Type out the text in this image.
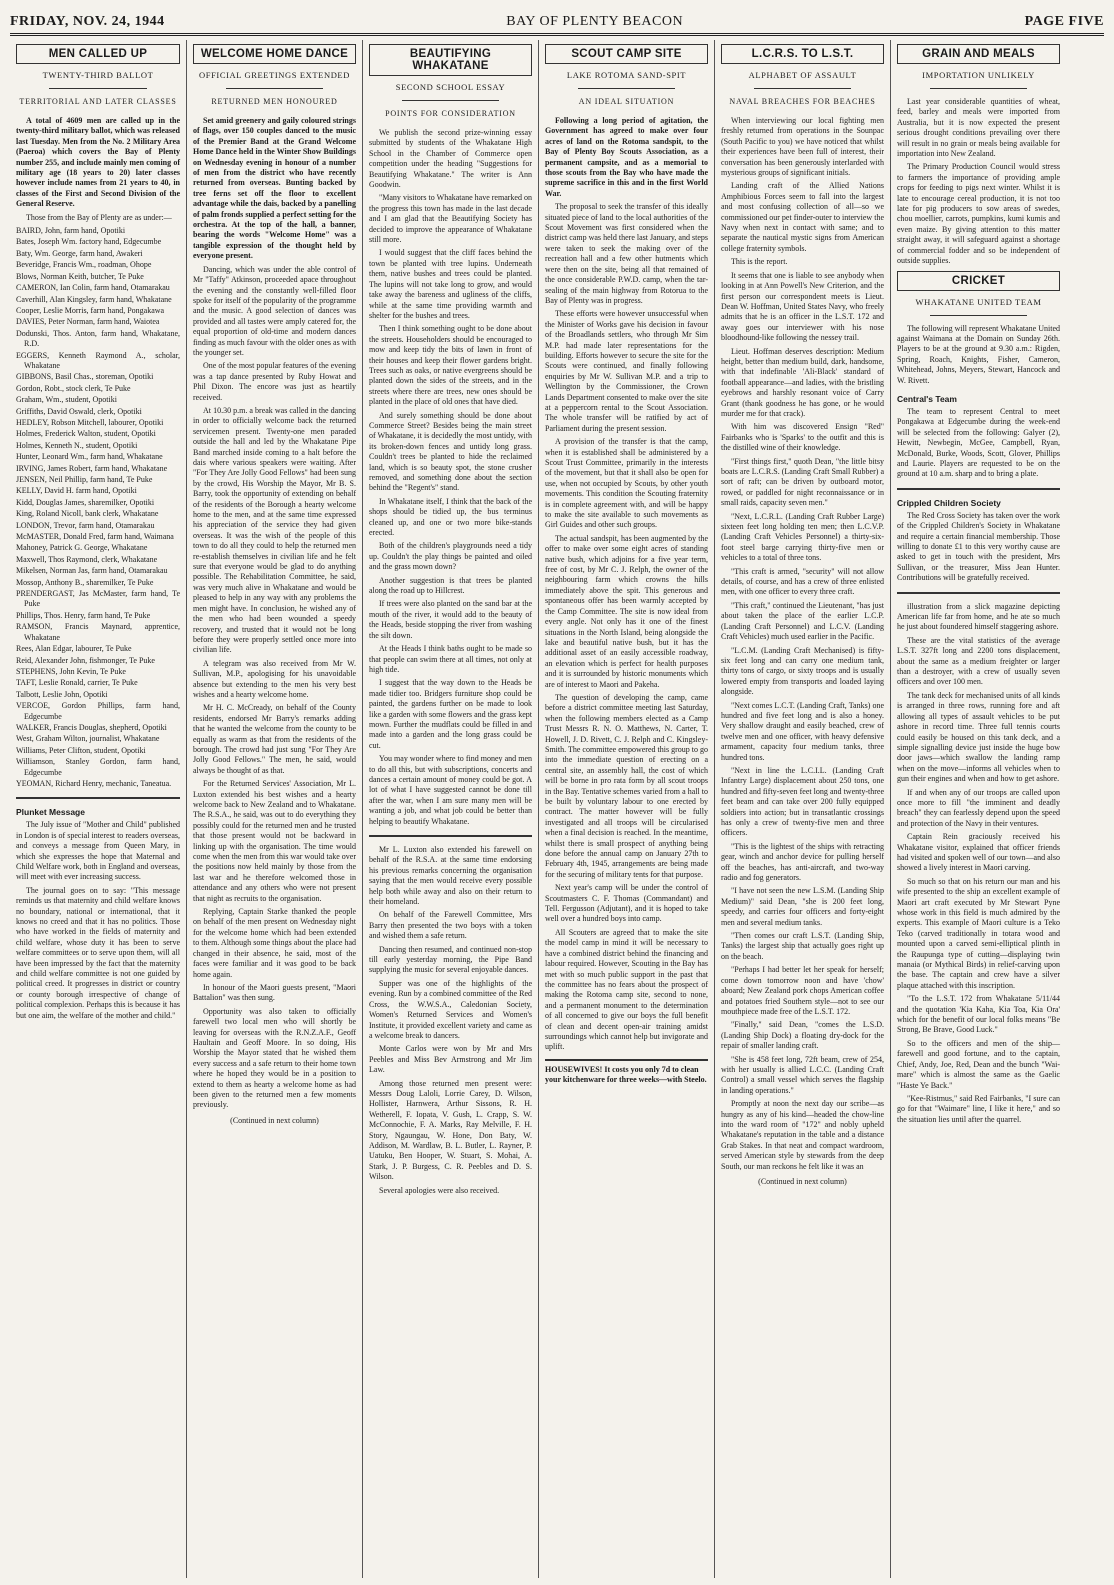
FRIDAY, NOV. 24, 1944	BAY OF PLENTY BEACON	PAGE FIVE
MEN CALLED UP
TWENTY-THIRD BALLOT
TERRITORIAL AND LATER CLASSES

A total of 4609 men are called up in the twenty-third military ballot, which was released last Tuesday. Men from the No. 2 Military Area (Paeroa) which covers the Bay of Plenty number 255, and include mainly men coming of military age (18 years to 20) later classes however include names from 21 years to 40, in classes of the First and Second Division of the General Reserve.

Those from the Bay of Plenty are as under:—

BAIRD, John, farm hand, Opotiki

Bates, Joseph Wm. factory hand, Edgecumbe

Baty, Wm. George, farm hand, Awakeri

Beveridge, Francis Wm., roadman, Ohope

Blows, Norman Keith, butcher, Te Puke

CAMERON, Ian Colin, farm hand, Otamarakau

Caverhill, Alan Kingsley, farm hand, Whakatane

Cooper, Leslie Morris, farm hand, Pongakawa

DAVIES, Peter Norman, farm hand, Waiotea

Dodunski, Thos. Anton, farm hand, Whakatane, R.D.

EGGERS, Kenneth Raymond A., scholar, Whakatane

GIBBONS, Basil Chas., storeman, Opotiki

Gordon, Robt., stock clerk, Te Puke

Graham, Wm., student, Opotiki

Griffiths, David Oswald, clerk, Opotiki

HEDLEY, Robson Mitchell, labourer, Opotiki

Holmes, Frederick Walton, student, Opotiki

Holmes, Kenneth N., student, Opotiki

Hunter, Leonard Wm., farm hand, Whakatane

IRVING, James Robert, farm hand, Whakatane

JENSEN, Neil Phillip, farm hand, Te Puke

KELLY, David H. farm hand, Opotiki

Kidd, Douglas James, sharemilker, Opotiki

King, Roland Nicoll, bank clerk, Whakatane

LONDON, Trevor, farm hand, Otamarakau

McMASTER, Donald Fred, farm hand, Waimana

Mahoney, Patrick G. George, Whakatane

Maxwell, Thos Raymond, clerk, Whakatane

Mikelsen, Norman Jas, farm hand, Otamarakau

Mossop, Anthony B., sharemilker, Te Puke

PRENDERGAST, Jas McMaster, farm hand, Te Puke

Phillips, Thos. Henry, farm hand, Te Puke

RAMSON, Francis Maynard, apprentice, Whakatane

Rees, Alan Edgar, labourer, Te Puke

Reid, Alexander John, fishmonger, Te Puke

STEPHENS, John Kevin, Te Puke

TAFT, Leslie Ronald, carrier, Te Puke

Talbott, Leslie John, Opotiki

VERCOE, Gordon Phillips, farm hand, Edgecumbe

WALKER, Francis Douglas, shepherd, Opotiki

West, Graham Wilton, journalist, Whakatane

Williams, Peter Clifton, student, Opotiki

Williamson, Stanley Gordon, farm hand, Edgecumbe

YEOMAN, Richard Henry, mechanic, Taneatua.

Plunket Message

The July issue of "Mother and Child" published in London is of special interest to readers overseas, and conveys a message from Queen Mary, in which she expresses the hope that Maternal and Child Welfare work, both in England and overseas, will meet with ever increasing success.

The journal goes on to say: "This message reminds us that maternity and child welfare knows no boundary, national or international, that it knows no creed and that it has no politics. Those who have worked in the fields of maternity and child welfare, whose duty it has been to serve welfare committees or to serve upon them, will all have been impressed by the fact that the maternity and child welfare committee is not one guided by political creed. It progresses in district or country or county borough irrespective of change of political complexion. Perhaps this is because it has but one aim, the welfare of the mother and child."

WELCOME HOME DANCE
OFFICIAL GREETINGS EXTENDED
RETURNED MEN HONOURED

Set amid greenery and gaily coloured strings of flags, over 150 couples danced to the music of the Premier Band at the Grand Welcome Home Dance held in the Winter Show Buildings on Wednesday evening in honour of a number of men from the district who have recently returned from overseas. Bunting backed by tree ferns set off the floor to excellent advantage while the dais, backed by a panelling of palm fronds supplied a perfect setting for the orchestra. At the top of the hall, a banner, bearing the words "Welcome Home" was a tangible expression of the thought held by everyone present.

Dancing, which was under the able control of Mr "Taffy" Atkinson, proceeded apace throughout the evening and the constantly well-filled floor spoke for itself of the popularity of the programme and the music. A good selection of dances was provided and all tastes were amply catered for, the equal proportion of old-time and modern dances finding as much favour with the older ones as with the younger set.

One of the most popular features of the evening was a tap dance presented by Ruby Howat and Phil Dixon. The encore was just as heartily received.

At 10.30 p.m. a break was called in the dancing in order to officially welcome back the returned servicemen present. Twenty-one men paraded outside the hall and led by the Whakatane Pipe Band marched inside coming to a halt before the dais where various speakers were waiting. After "For They Are Jolly Good Fellows" had been sung by the crowd, His Worship the Mayor, Mr B. S. Barry, took the opportunity of extending on behalf of the residents of the Borough a hearty welcome home to the men, and at the same time expressed his appreciation of the service they had given overseas. It was the wish of the people of this town to do all they could to help the returned men re-establish themselves in civilian life and he felt sure that everyone would be glad to do anything possible. The Rehabilitation Committee, he said, was very much alive in Whakatane and would be pleased to help in any way with any problems the men might have. In conclusion, he wished any of the men who had been wounded a speedy recovery, and trusted that it would not be long before they were properly settled once more into civilian life.

A telegram was also received from Mr W. Sullivan, M.P., apologising for his unavoidable absence but extending to the men his very best wishes and a hearty welcome home.

Mr H. C. McCready, on behalf of the County residents, endorsed Mr Barry's remarks adding that he wanted the welcome from the county to be equally as warm as that from the residents of the borough. The crowd had just sung "For They Are Jolly Good Fellows." The men, he said, would always be thought of as that.

For the Returned Services' Association, Mr L. Luxton extended his best wishes and a hearty welcome back to New Zealand and to Whakatane. The R.S.A., he said, was out to do everything they possibly could for the returned men and he trusted that those present would not be backward in linking up with the organisation. The time would come when the men from this war would take over the positions now held mainly by those from the last war and he therefore welcomed those in attendance and any others who were not present that night as recruits to the organisation.

Replying, Captain Starke thanked the people on behalf of the men present on Wednesday night for the welcome home which had been extended to them. Although some things about the place had changed in their absence, he said, most of the faces were familiar and it was good to be back home again.

In honour of the Maori guests present, "Maori Battalion" was then sung.

Opportunity was also taken to officially farewell two local men who will shortly be leaving for overseas with the R.N.Z.A.F., Geoff Haultain and Geoff Moore. In so doing, His Worship the Mayor stated that he wished them every success and a safe return to their home town where he hoped they would be in a position to extend to them as hearty a welcome home as had been given to the returned men a few moments previously.

(Continued in next column)
BEAUTIFYING WHAKATANE
SECOND SCHOOL ESSAY
POINTS FOR CONSIDERATION

We publish the second prize-winning essay submitted by students of the Whakatane High School in the Chamber of Commerce open competition under the heading "Suggestions for Beautifying Whakatane." The writer is Ann Goodwin.

"Many visitors to Whakatane have remarked on the progress this town has made in the last decade and I am glad that the Beautifying Society has decided to improve the appearance of Whakatane still more.

I would suggest that the cliff faces behind the town be planted with tree lupins. Underneath them, native bushes and trees could be planted. The lupins will not take long to grow, and would take away the bareness and ugliness of the cliffs, while at the same time providing warmth and shelter for the bushes and trees.

Then I think something ought to be done about the streets. Householders should be encouraged to mow and keep tidy the bits of lawn in front of their houses and keep their flower gardens bright. Trees such as oaks, or native evergreens should be planted down the sides of the streets, and in the streets where there are trees, new ones should be planted in the place of old ones that have died.

And surely something should be done about Commerce Street? Besides being the main street of Whakatane, it is decidedly the most untidy, with its broken-down fences and untidy long grass. Couldn't trees be planted to hide the reclaimed land, which is so beauty spot, the stone crusher removed, and something done about the section behind the "Regent's" stand.

In Whakatane itself, I think that the back of the shops should be tidied up, the bus terminus cleaned up, and one or two more bike-stands erected.

Both of the children's playgrounds need a tidy up. Couldn't the play things be painted and oiled and the grass mown down?

Another suggestion is that trees be planted along the road up to Hillcrest.

If trees were also planted on the sand bar at the mouth of the river, it would add to the beauty of the Heads, beside stopping the river from washing the silt down.

At the Heads I think baths ought to be made so that people can swim there at all times, not only at high tide.

I suggest that the way down to the Heads be made tidier too. Bridgers furniture shop could be painted, the gardens further on be made to look like a garden with some flowers and the grass kept mown. Further the mudflats could be filled in and made into a garden and the long grass could be cut.

You may wonder where to find money and men to do all this, but with subscriptions, concerts and dances a certain amount of money could be got. A lot of what I have suggested cannot be done till after the war, when I am sure many men will be wanting a job, and what job could be better than helping to beautify Whakatane.

Mr L. Luxton also extended his farewell on behalf of the R.S.A. at the same time endorsing his previous remarks concerning the organisation saying that the men would receive every possible help both while away and also on their return to their homeland.

On behalf of the Farewell Committee, Mrs Barry then presented the two boys with a token and wished them a safe return.

Dancing then resumed, and continued non-stop till early yesterday morning, the Pipe Band supplying the music for several enjoyable dances.

Supper was one of the highlights of the evening. Run by a combined committee of the Red Cross, the W.W.S.A., Caledonian Society, Women's Returned Services and Women's Institute, it provided excellent variety and came as a welcome break to dancers.

Monte Carlos were won by Mr and Mrs Peebles and Miss Bev Armstrong and Mr Jim Law.

Among those returned men present were: Messrs Doug Laloli, Lorrie Carey, D. Wilson, Hollister, Harnwera, Arthur Sissons, R. H. Wetherell, F. Iopata, V. Gush, L. Crapp, S. W. McConnochie, F. A. Marks, Ray Melville, F. H. Story, Ngaungau, W. Hone, Don Baty, W. Addison, M. Wardlaw, B. L. Butler, L. Rayner, P. Uatuku, Ben Hooper, W. Stuart, S. Mohai, A. Stark, J. P. Burgess, C. R. Peebles and D. S. Wilson.

Several apologies were also received.

SCOUT CAMP SITE
LAKE ROTOMA SAND-SPIT
AN IDEAL SITUATION

Following a long period of agitation, the Government has agreed to make over four acres of land on the Rotoma sandspit, to the Bay of Plenty Boy Scouts Association, as a permanent campsite, and as a memorial to those scouts from the Bay who have made the supreme sacrifice in this and in the first World War.

The proposal to seek the transfer of this ideally situated piece of land to the local authorities of the Scout Movement was first considered when the district camp was held there last January, and steps were taken to seek the making over of the recreation hall and a few other hutments which were then on the site, being all that remained of the once considerable P.W.D. camp, when the tar-sealing of the main highway from Rotorua to the Bay of Plenty was in progress.

These efforts were however unsuccessful when the Minister of Works gave his decision in favour of the Broadlands settlers, who through Mr Sim M.P. had made later representations for the building. Efforts however to secure the site for the Scouts were continued, and finally following enquiries by Mr W. Sullivan M.P. and a trip to Wellington by the Commissioner, the Crown Lands Department consented to make over the site at a peppercorn rental to the Scout Association. The whole transfer will be ratified by act of Parliament during the present session.

A provision of the transfer is that the camp, when it is established shall be administered by a Scout Trust Committee, primarily in the interests of the movement, but that it shall also be open for use, when not occupied by Scouts, by other youth movements. This condition the Scouting fraternity is in complete agreement with, and will be happy to make the site available to such movements as Girl Guides and other such groups.

The actual sandspit, has been augmented by the offer to make over some eight acres of standing native bush, which adjoins for a five year term, free of cost, by Mr C. J. Relph, the owner of the neighbouring farm which crowns the hills immediately above the spit. This generous and spontaneous offer has been warmly accepted by the Camp Committee. The site is now ideal from every angle. Not only has it one of the finest situations in the North Island, being alongside the lake and beautiful native bush, but it has the additional asset of an easily accessible roadway, an elevation which is perfect for health purposes and it is surrounded by historic monuments which are of interest to Maori and Pakeha.

The question of developing the camp, came before a district committee meeting last Saturday, when the following members elected as a Camp Trust Messrs R. N. O. Matthews, N. Carter, T. Howell, J. D. Rivett, C. J. Relph and C. Kingsley-Smith. The committee empowered this group to go into the immediate question of erecting on a central site, an assembly hall, the cost of which will be borne in pro rata form by all scout troops in the Bay. Tentative schemes varied from a hall to be built by voluntary labour to one erected by contract. The matter however will be fully investigated and all troops will be circularised when a final decision is reached. In the meantime, whilst there is small prospect of anything being done before the annual camp on January 27th to February 4th, 1945, arrangements are being made for the securing of military tents for that purpose.

Next year's camp will be under the control of Scoutmasters C. F. Thomas (Commandant) and Tell. Fergusson (Adjutant), and it is hoped to take well over a hundred boys into camp.

All Scouters are agreed that to make the site the model camp in mind it will be necessary to have a combined district behind the financing and labour required. However, Scouting in the Bay has met with so much public support in the past that the committee has no fears about the prospect of making the Rotoma camp site, second to none, and a permanent monument to the determination of all concerned to give our boys the full benefit of clean and decent open-air training amidst surroundings which cannot help but invigorate and uplift.

HOUSEWIVES! It costs you only 7d to clean your kitchenware for three weeks—with Steelo.
L.C.R.S. TO L.S.T.
ALPHABET OF ASSAULT
NAVAL BREACHES FOR BEACHES

When interviewing our local fighting men freshly returned from operations in the Sounpac (South Pacific to you) we have noticed that whilst their experiences have been full of interest, their conversation has been generously interlarded with mysterious groups of significant initials.

Landing craft of the Allied Nations Amphibious Forces seem to fall into the largest and most confusing collection of all—so we commissioned our pet finder-outer to interview the Navy when next in contact with same; and to separate the nautical mystic signs from American college fraternity symbols.

This is the report.

It seems that one is liable to see anybody when looking in at Ann Powell's New Criterion, and the first person our correspondent meets is Lieut. Dean W. Hoffman, United States Navy, who freely admits that he is an officer in the L.S.T. 172 and away goes our interviewer with his nose bloodhound-like following the nessey trail.

Lieut. Hoffman deserves description: Medium height, better than medium build, dark, handsome, with that indefinable 'Ali-Black' standard of football appearance—and ladies, with the bristling eyebrows and harshly resonant voice of Carry Grant (thank goodness he has gone, or he would murder me for that crack).

With him was discovered Ensign "Red" Fairbanks who is 'Sparks' to the outfit and this is the distilled wine of their knowledge.

"First things first," quoth Dean, "the little bitsy boats are L.C.R.S. (Landing Craft Small Rubber) a sort of raft; can be driven by outboard motor, rowed, or paddled for night reconnaissance or in small raids, capacity seven men."

"Next, L.C.R.L. (Landing Craft Rubber Large) sixteen feet long holding ten men; then L.C.V.P. (Landing Craft Vehicles Personnel) a thirty-six-foot steel barge carrying thirty-five men or vehicles to a total of three tons.

"This craft is armed, "security" will not allow details, of course, and has a crew of three enlisted men, with one officer to every three craft.

"This craft," continued the Lieutenant, "has just about taken the place of the earlier L.C.P. (Landing Craft Personnel) and L.C.V. (Landing Craft Vehicles) much used earlier in the Pacific.

"L.C.M. (Landing Craft Mechanised) is fifty-six feet long and can carry one medium tank, thirty tons of cargo, or sixty troops and is usually lowered empty from transports and loaded laying alongside.

"Next comes L.C.T. (Landing Craft, Tanks) one hundred and five feet long and is also a honey. Very shallow draught and easily beached, crew of twelve men and one officer, with heavy defensive armament, capacity four medium tanks, three hundred tons.

"Next in line the L.C.I.L. (Landing Craft Infantry Large) displacement about 250 tons, one hundred and fifty-seven feet long and twenty-three feet beam and can take over 200 fully equipped soldiers into action; but in transatlantic crossings has only a crew of twenty-five men and three officers.

"This is the lightest of the ships with retracting gear, winch and anchor device for pulling herself off the beaches, has anti-aircraft, and two-way radio and fog generators.

"I have not seen the new L.S.M. (Landing Ship Medium)" said Dean, "she is 200 feet long, speedy, and carries four officers and forty-eight men and several medium tanks.

"Then comes our craft L.S.T. (Landing Ship, Tanks) the largest ship that actually goes right up on the beach.

"Perhaps I had better let her speak for herself; come down tomorrow noon and have 'chow' aboard; New Zealand pork chops American coffee and potatoes fried Southern style—not to see our mouthpiece made free of the L.S.T. 172.

"Finally," said Dean, "comes the L.S.D. (Landing Ship Dock) a floating dry-dock for the repair of smaller landing craft.

"She is 458 feet long, 72ft beam, crew of 254, with her usually is allied L.C.C. (Landing Craft Control) a small vessel which serves the flagship in landing operations."

Promptly at noon the next day our scribe—as hungry as any of his kind—headed the chow-line into the ward room of "172" and nobly upheld Whakatane's reputation in the table and a distance Grab Stakes. In that neat and compact wardroom, served American style by stewards from the deep South, our man reckons he felt like it was an

(Continued in next column)
GRAIN AND MEALS
IMPORTATION UNLIKELY

Last year considerable quantities of wheat, feed, barley and meals were imported from Australia, but it is now expected the present serious drought conditions prevailing over there will result in no grain or meals being available for importation into New Zealand.

The Primary Production Council would stress to farmers the importance of providing ample crops for feeding to pigs next winter. Whilst it is late to encourage cereal production, it is not too late for pig producers to sow areas of swedes, chou moellier, carrots, pumpkins, kumi kumis and even maize. By giving attention to this matter straight away, it will safeguard against a shortage of commercial fodder and so be independent of outside supplies.

CRICKET
WHAKATANE UNITED TEAM

The following will represent Whakatane United against Waimana at the Domain on Sunday 26th. Players to be at the ground at 9.30 a.m.: Rigden, Spring, Roach, Knights, Fisher, Cameron, Whitehead, Johns, Meyers, Stewart, Hancock and W. Rivett.

Central's Team

The team to represent Central to meet Pongakawa at Edgecumbe during the week-end will be selected from the following: Galyer (2), Hewitt, Newbegin, McGee, Campbell, Ryan, McDonald, Burke, Woods, Scott, Glover, Phillips and Laurie. Players are requested to be on the ground at 10 a.m. sharp and to bring a plate.

Crippled Children Society

The Red Cross Society has taken over the work of the Crippled Children's Society in Whakatane and require a certain financial membership. Those willing to donate £1 to this very worthy cause are asked to get in touch with the president, Mrs Sullivan, or the treasurer, Miss Jean Hunter. Contributions will be gratefully received.

illustration from a slick magazine depicting American life far from home, and he ate so much he just about foundered himself staggering ashore.

These are the vital statistics of the average L.S.T. 327ft long and 2200 tons displacement, about the same as a medium freighter or larger than a destroyer, with a crew of usually seven officers and over 100 men.

The tank deck for mechanised units of all kinds is arranged in three rows, running fore and aft allowing all types of assault vehicles to be put ashore in record time. Three full tennis courts could easily be housed on this tank deck, and a simple signalling device just inside the huge bow door jaws—which swallow the landing ramp when on the move—informs all vehicles when to gun their engines and when and how to get ashore.

If and when any of our troops are called upon once more to fill "the imminent and deadly breach" they can fearlessly depend upon the speed and protection of the Navy in their ventures.

Captain Rein graciously received his Whakatane visitor, explained that officer friends had visited and spoken well of our town—and also showed a lively interest in Maori carving.

So much so that on his return our man and his wife presented to the ship an excellent example of Maori art craft executed by Mr Stewart Pyne whose work in this field is much admired by the experts. This example of Maori culture is a Teko Teko (carved traditionally in totara wood and mounted upon a carved semi-elliptical plinth in the Raupunga type of cutting—displaying twin manaia (or Mythical Birds) in relief-carving upon the base. The captain and crew have a silver plaque attached with this inscription.

"To the L.S.T. 172 from Whakatane 5/11/44 and the quotation 'Kia Kaha, Kia Toa, Kia Ora' which for the benefit of our local folks means "Be Strong, Be Brave, Good Luck."

So to the officers and men of the ship—farewell and good fortune, and to the captain, Chief, Andy, Joe, Red, Dean and the bunch "Wai-mare" which is almost the same as the Gaelic "Haste Ye Back."

"Kee-Ristmus," said Red Fairbanks, "I sure can go for that "Waimare" line, I like it here," and so the situation lies until after the quarrel.
